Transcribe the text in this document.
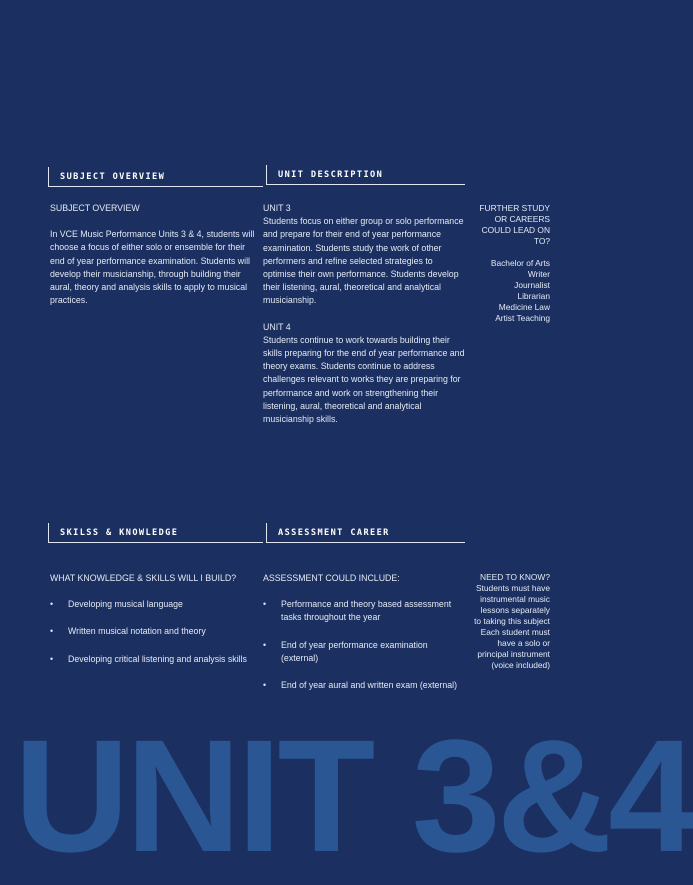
SUBJECT OVERVIEW	UNIT DESCRIPTION

SUBJECT OVERVIEW

In VCE Music Performance Units 3 & 4, students will choose a focus of either solo or ensemble for their end of year performance examination. Students will develop their musicianship, through building their aural, theory and analysis skills to apply to musical practices.

UNIT 3

Students focus on either group or solo performance and prepare for their end of year performance examination. Students study the work of other performers and refine selected strategies to optimise their own performance. Students develop their listening, aural, theoretical and analytical musicianship.

UNIT 4

Students continue to work towards building their skills preparing for the end of year performance and theory exams. Students continue to address challenges relevant to works they are preparing for performance and work on strengthening their listening, aural, theoretical and analytical musicianship skills.

FURTHER STUDY OR CAREERS COULD LEAD ON TO?

Bachelor of Arts

Writer

Journalist

Librarian

Medicine Law

Artist Teaching

SKILSS & KNOWLEDGE	ASSESSMENT CAREER

WHAT KNOWLEDGE & SKILLS WILL I BUILD?

• Developing musical language
• Written musical notation and theory
• Developing critical listening and analysis skills

ASSESSMENT COULD INCLUDE:

• Performance and theory based assessment tasks throughout the year
• End of year performance examination (external)
• End of year aural and written exam (external)

NEED TO KNOW?

Students must have instrumental music lessons separately to taking this subject

Each student must have a solo or principal instrument (voice included)

UNIT 3&4
